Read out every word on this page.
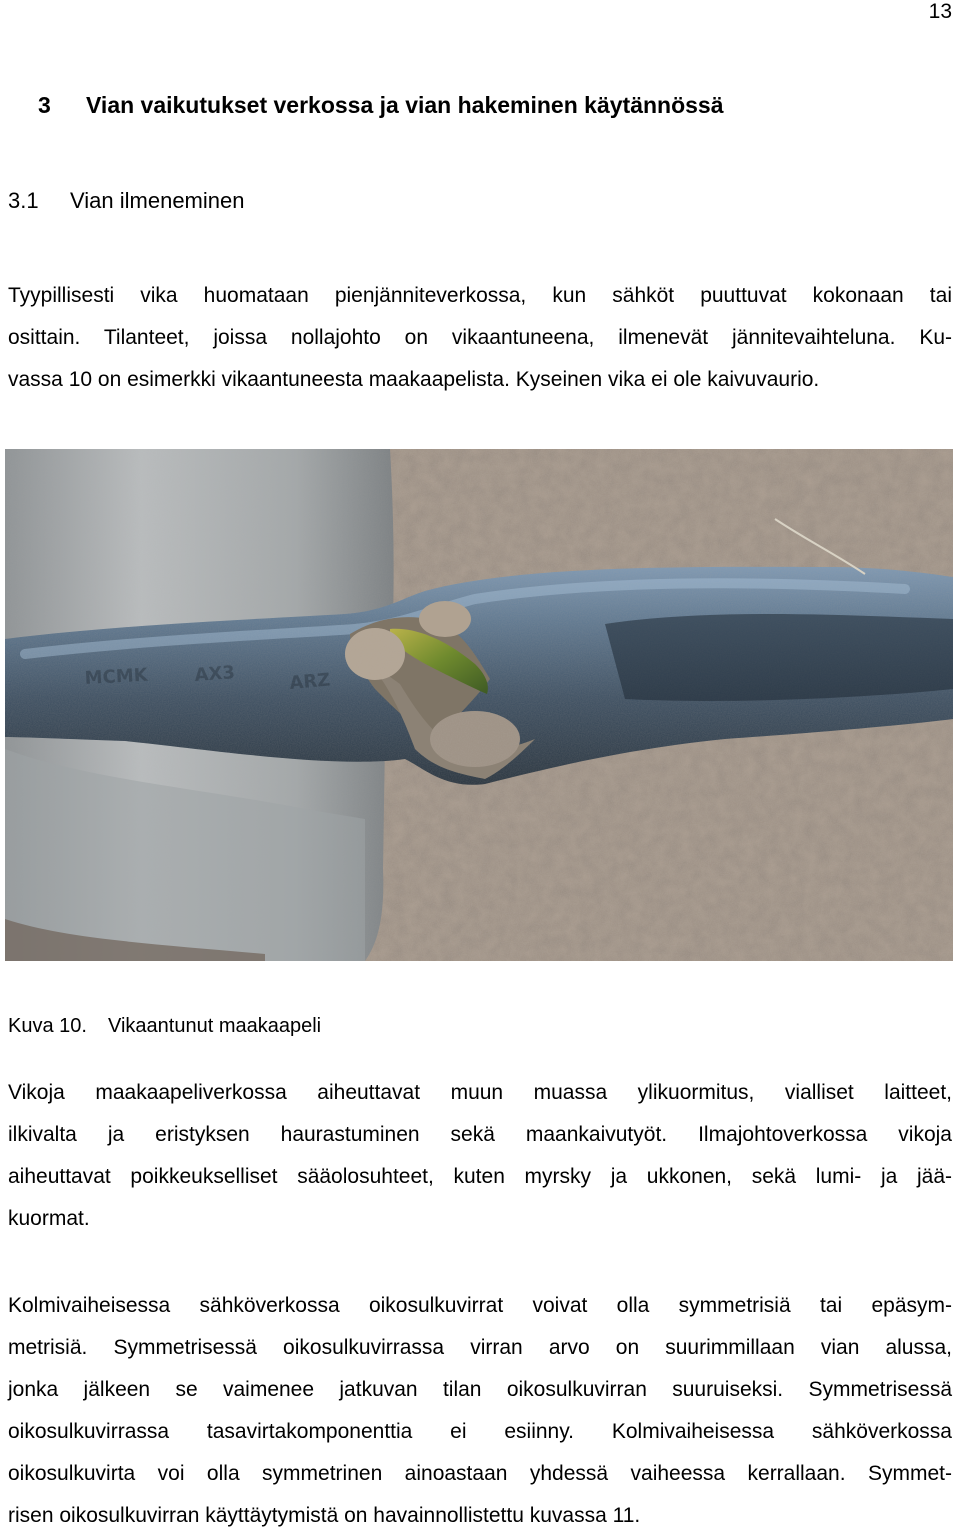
13
3 Vian vaikutukset verkossa ja vian hakeminen käytännössä
3.1 Vian ilmeneminen
Tyypillisesti vika huomataan pienjänniteverkossa, kun sähköt puuttuvat kokonaan tai
osittain. Tilanteet, joissa nollajohto on vikaantuneena, ilmenevät jännitevaihteluna. Ku-
vassa 10 on esimerkki vikaantuneesta maakaapelista. Kyseinen vika ei ole kaivuvaurio.
MCMK	AX3	ARZ
Kuva 10. Vikaantunut maakaapeli
Vikoja maakaapeliverkossa aiheuttavat muun muassa ylikuormitus, vialliset laitteet,
ilkivalta ja eristyksen haurastuminen sekä maankaivutyöt. Ilmajohtoverkossa vikoja
aiheuttavat poikkeukselliset sääolosuhteet, kuten myrsky ja ukkonen, sekä lumi- ja jää-
kuormat.
Kolmivaiheisessa sähköverkossa oikosulkuvirrat voivat olla symmetrisiä tai epäsym-
metrisiä. Symmetrisessä oikosulkuvirrassa virran arvo on suurimmillaan vian alussa,
jonka jälkeen se vaimenee jatkuvan tilan oikosulkuvirran suuruiseksi. Symmetrisessä
oikosulkuvirrassa tasavirtakomponenttia ei esiinny. Kolmivaiheisessa sähköverkossa
oikosulkuvirta voi olla symmetrinen ainoastaan yhdessä vaiheessa kerrallaan. Symmet-
risen oikosulkuvirran käyttäytymistä on havainnollistettu kuvassa 11.
